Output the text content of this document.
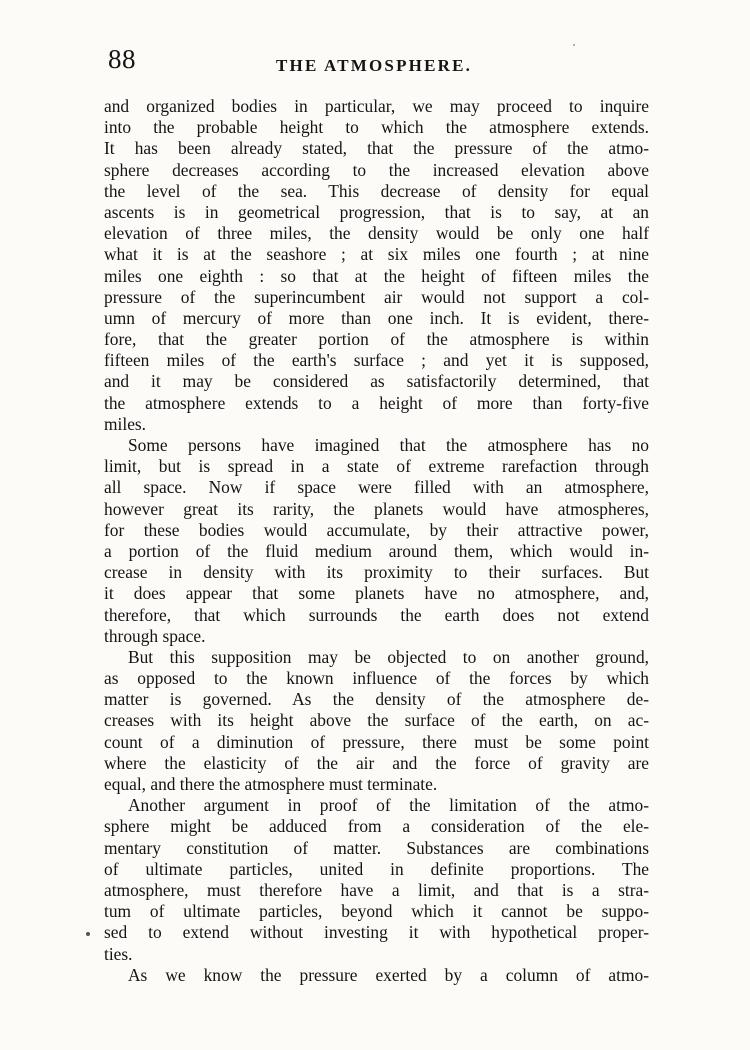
88	THE ATMOSPHERE.
and organized bodies in particular, we may proceed to inquire
into the probable height to which the atmosphere extends.
It has been already stated, that the pressure of the atmo-
sphere decreases according to the increased elevation above
the level of the sea. This decrease of density for equal
ascents is in geometrical progression, that is to say, at an
elevation of three miles, the density would be only one half
what it is at the seashore ; at six miles one fourth ; at nine
miles one eighth : so that at the height of fifteen miles the
pressure of the superincumbent air would not support a col-
umn of mercury of more than one inch. It is evident, there-
fore, that the greater portion of the atmosphere is within
fifteen miles of the earth's surface ; and yet it is supposed,
and it may be considered as satisfactorily determined, that
the atmosphere extends to a height of more than forty-five
miles.
Some persons have imagined that the atmosphere has no
limit, but is spread in a state of extreme rarefaction through
all space. Now if space were filled with an atmosphere,
however great its rarity, the planets would have atmospheres,
for these bodies would accumulate, by their attractive power,
a portion of the fluid medium around them, which would in-
crease in density with its proximity to their surfaces. But
it does appear that some planets have no atmosphere, and,
therefore, that which surrounds the earth does not extend
through space.
But this supposition may be objected to on another ground,
as opposed to the known influence of the forces by which
matter is governed. As the density of the atmosphere de-
creases with its height above the surface of the earth, on ac-
count of a diminution of pressure, there must be some point
where the elasticity of the air and the force of gravity are
equal, and there the atmosphere must terminate.
Another argument in proof of the limitation of the atmo-
sphere might be adduced from a consideration of the ele-
mentary constitution of matter. Substances are combinations
of ultimate particles, united in definite proportions. The
atmosphere, must therefore have a limit, and that is a stra-
tum of ultimate particles, beyond which it cannot be suppo-
sed to extend without investing it with hypothetical proper-
ties.
As we know the pressure exerted by a column of atmo-
